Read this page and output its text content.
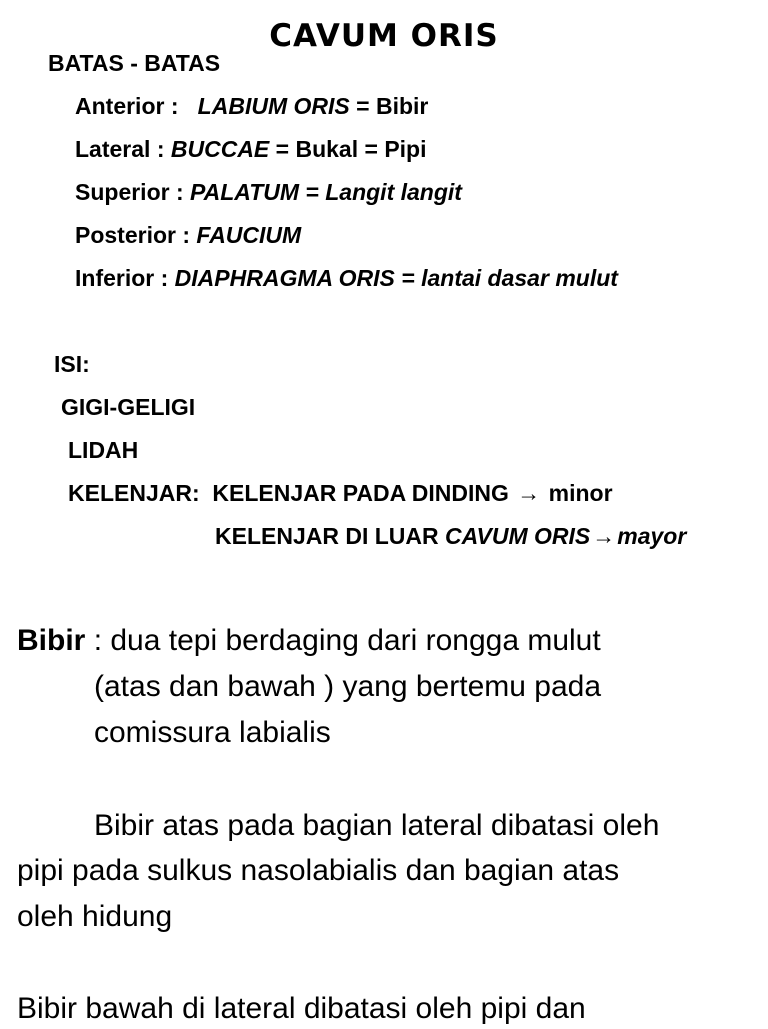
CAVUM ORIS
BATAS - BATAS
Anterior : LABIUM ORIS = Bibir
Lateral : BUCCAE = Bukal = Pipi
Superior : PALATUM = Langit langit
Posterior : FAUCIUM
Inferior : DIAPHRAGMA ORIS = lantai dasar mulut
ISI:
GIGI-GELIGI
LIDAH
KELENJAR: KELENJAR PADA DINDING → minor
KELENJAR DI LUAR CAVUM ORIS→mayor
Bibir : dua tepi berdaging dari rongga mulut
(atas dan bawah ) yang bertemu pada
comissura labialis
Bibir atas pada bagian lateral dibatasi oleh
pipi pada sulkus nasolabialis dan bagian atas
oleh hidung
Bibir bawah di lateral dibatasi oleh pipi dan
